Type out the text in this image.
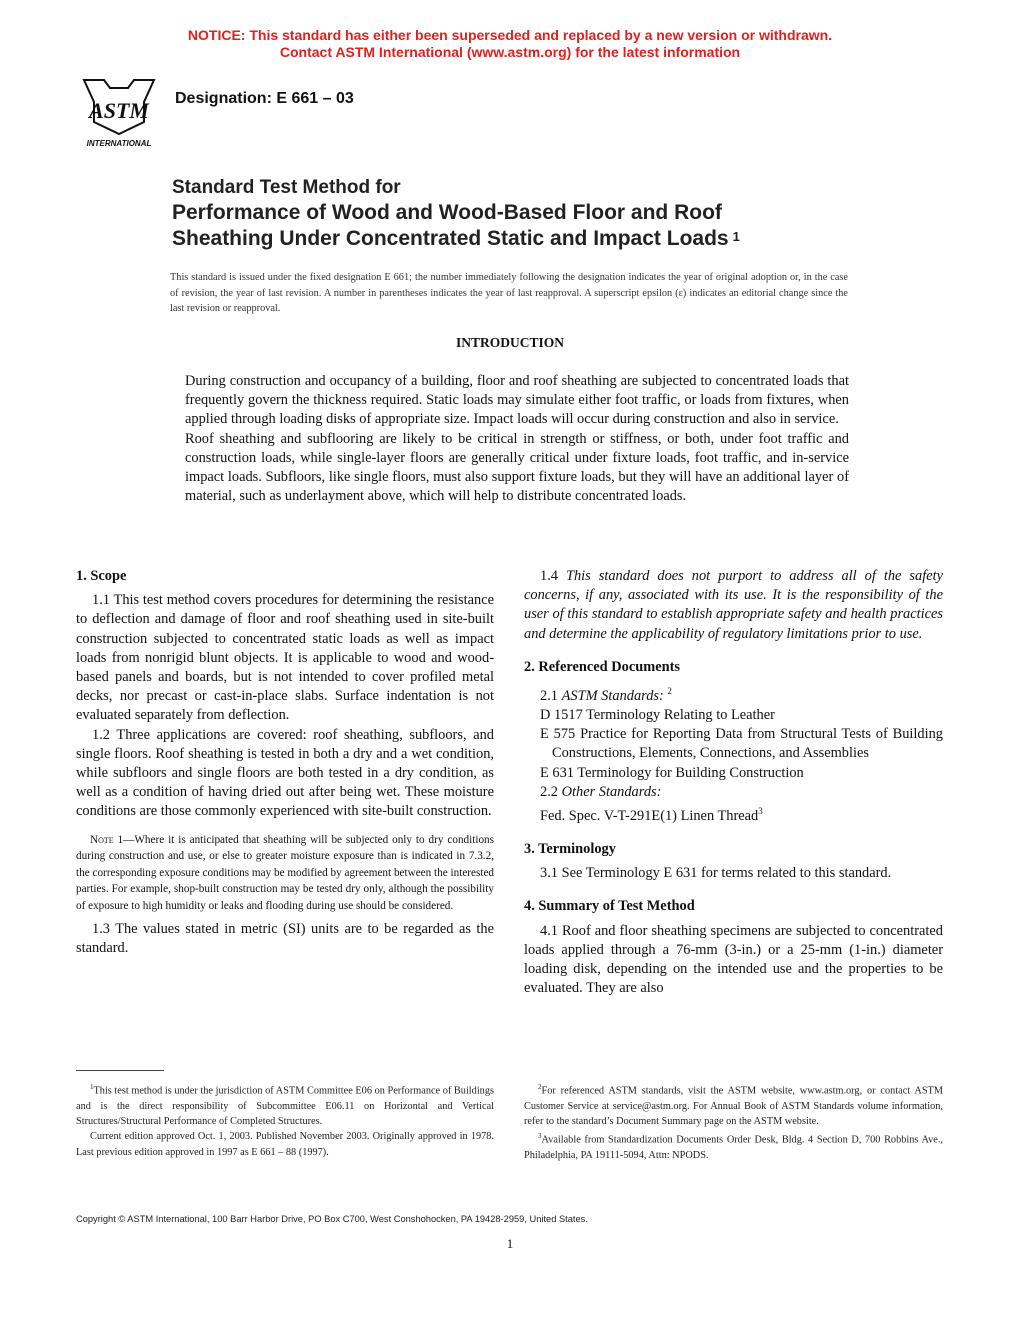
NOTICE: This standard has either been superseded and replaced by a new version or withdrawn.
Contact ASTM International (www.astm.org) for the latest information
ASTM
INTERNATIONAL
Designation: E 661 – 03
Standard Test Method for
Performance of Wood and Wood-Based Floor and Roof
Sheathing Under Concentrated Static and Impact Loads $^1$
This standard is issued under the fixed designation E 661; the number immediately following the designation indicates the year of original adoption or, in the case of revision, the year of last revision. A number in parentheses indicates the year of last reapproval. A superscript epsilon (ε) indicates an editorial change since the last revision or reapproval.
INTRODUCTION

During construction and occupancy of a building, floor and roof sheathing are subjected to concentrated loads that frequently govern the thickness required. Static loads may simulate either foot traffic, or loads from fixtures, when applied through loading disks of appropriate size. Impact loads will occur during construction and also in service.

Roof sheathing and subflooring are likely to be critical in strength or stiffness, or both, under foot traffic and construction loads, while single-layer floors are generally critical under fixture loads, foot traffic, and in-service impact loads. Subfloors, like single floors, must also support fixture loads, but they will have an additional layer of material, such as underlayment above, which will help to distribute concentrated loads.

1. Scope

1.1 This test method covers procedures for determining the resistance to deflection and damage of floor and roof sheathing used in site-built construction subjected to concentrated static loads as well as impact loads from nonrigid blunt objects. It is applicable to wood and wood-based panels and boards, but is not intended to cover profiled metal decks, nor precast or cast-in-place slabs. Surface indentation is not evaluated separately from deflection.

1.2 Three applications are covered: roof sheathing, subfloors, and single floors. Roof sheathing is tested in both a dry and a wet condition, while subfloors and single floors are both tested in a dry condition, as well as a condition of having dried out after being wet. These moisture conditions are those commonly experienced with site-built construction.

Note 1—Where it is anticipated that sheathing will be subjected only to dry conditions during construction and use, or else to greater moisture exposure than is indicated in 7.3.2, the corresponding exposure conditions may be modified by agreement between the interested parties. For example, shop-built construction may be tested dry only, although the possibility of exposure to high humidity or leaks and flooding during use should be considered.

1.3 The values stated in metric (SI) units are to be regarded as the standard.

1.4 This standard does not purport to address all of the safety concerns, if any, associated with its use. It is the responsibility of the user of this standard to establish appropriate safety and health practices and determine the applicability of regulatory limitations prior to use.

2. Referenced Documents

2.1 ASTM Standards: $^2$

D 1517 Terminology Relating to Leather

E 575 Practice for Reporting Data from Structural Tests of Building Constructions, Elements, Connections, and Assemblies

E 631 Terminology for Building Construction

2.2 Other Standards:

Fed. Spec. V-T-291E(1) Linen Thread$^3$

3. Terminology

3.1 See Terminology E 631 for terms related to this standard.

4. Summary of Test Method

4.1 Roof and floor sheathing specimens are subjected to concentrated loads applied through a 76-mm (3-in.) or a 25-mm (1-in.) diameter loading disk, depending on the intended use and the properties to be evaluated. They are also

$^1$This test method is under the jurisdiction of ASTM Committee E06 on Performance of Buildings and is the direct responsibility of Subcommittee E06.11 on Horizontal and Vertical Structures/Structural Performance of Completed Structures.

Current edition approved Oct. 1, 2003. Published November 2003. Originally approved in 1978. Last previous edition approved in 1997 as E 661 – 88 (1997).

$^2$For referenced ASTM standards, visit the ASTM website, www.astm.org, or contact ASTM Customer Service at service@astm.org. For Annual Book of ASTM Standards volume information, refer to the standard’s Document Summary page on the ASTM website.

$^3$Available from Standardization Documents Order Desk, Bldg. 4 Section D, 700 Robbins Ave., Philadelphia, PA 19111-5094, Attn: NPODS.

Copyright © ASTM International, 100 Barr Harbor Drive, PO Box C700, West Conshohocken, PA 19428-2959, United States.
1
